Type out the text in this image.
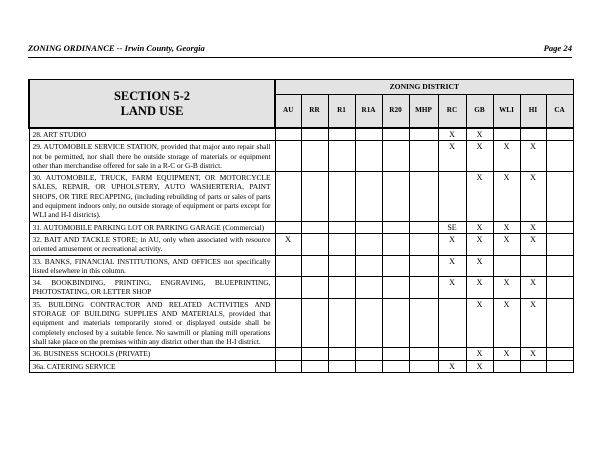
ZONING ORDINANCE -- Irwin County, Georgia	Page 24
SECTION 5-2
LAND USE	ZONING DISTRICT										
	AU	RR	R1	R1A	R20	MHP	RC	GB	WLI	HI	CA
28. ART STUDIO							X	X			
29. AUTOMOBILE SERVICE STATION, provided that major auto repair shall not be permitted, nor shall there be outside storage of materials or equipment other than merchandise offered for sale in a R-C or G-B district.							X	X	X	X	
30. AUTOMOBILE, TRUCK, FARM EQUIPMENT, OR MOTORCYCLE SALES, REPAIR, OR UPHOLSTERY, AUTO WASHERTERIA, PAINT SHOPS, OR TIRE RECAPPING, (including rebuilding of parts or sales of parts and equipment indoors only, no outside storage of equipment or parts except for WLI and H-I districts).								X	X	X	
31. AUTOMOBILE PARKING LOT OR PARKING GARAGE (Commercial)							SE	X	X	X	
32. BAIT AND TACKLE STORE; in AU, only when associated with resource oriented amusement or recreational activity.	X						X	X	X	X	
33. BANKS, FINANCIAL INSTITUTIONS, AND OFFICES not specifically listed elsewhere in this column.							X	X			
34. BOOKBINDING, PRINTING, ENGRAVING, BLUEPRINTING, PHOTOSTATING, OR LETTER SHOP							X	X	X	X	
35. BUILDING CONTRACTOR AND RELATED ACTIVITIES AND STORAGE OF BUILDING SUPPLIES AND MATERIALS, provided that equipment and materials temporarily stored or displayed outside shall be completely enclosed by a suitable fence. No sawmill or planing mill operations shall take place on the premises within any district other than the H-I district.								X	X	X	
36. BUSINESS SCHOOLS (PRIVATE)								X	X	X	
36a. CATERING SERVICE							X	X			
